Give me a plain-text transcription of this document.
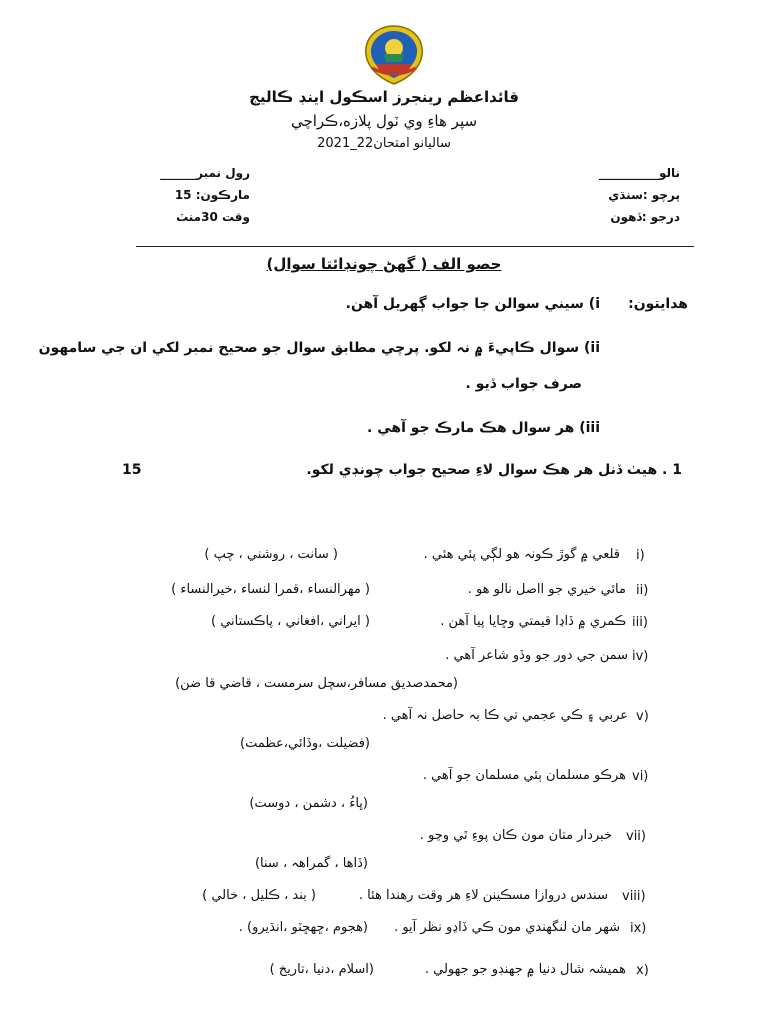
قائداعظم رينجرز اسڪول اينڊ ڪاليج
سپر هاءِ وي ٽول پلازه،ڪراچي
ساليانو امتحان22_2021
رول نمبر______
مارڪون: 15
وقت 30منٽ
نالو__________
پرچو :سنڌي
درجو :ڏهون
حصو الف ( گهڻ چونڊائتا سوال)
هدايتون:
i) سيني سوالن جا جواب ڳهريل آهن.
ii) سوال ڪاپيءَ ۾ نہ لکو. پرچي مطابق سوال جو صحيح نمبر لکي ان جي سامهون
صرف جواب ڏيو .
iii) هر سوال هڪ مارڪ جو آهي .
1 . هيٺ ڏنل هر هڪ سوال لاءِ صحيح جواب چونڊي لکو.
15
قلعي ۾ گوڙ ڪونہ هو لڳي پئي هئي .
( سانت ، روشني ، چپ )	i)
مائي خيري جو ااصل نالو هو .
( مهرالنساء ،قمرا لنساء ،خيرالنساء )	ii)
ڪمري ۾ ڏاڍا قيمتي وڇايا پيا آهن .
( ايراني ،افغاني ، پاڪستاني )	iii)
سمن جي دور جو وڏو شاعر آهي . iv)
(محمدصديق مسافر،سچل سرمست ، قاضي قا ضن)
عربي ۽ ڪي عجمي تي ڪا بہ حاصل نہ آهي . v)
(فضيلت ،وڏائي،عظمت)
هرڪو مسلمان ٻئي مسلمان جو آهي . vi)
(ڀاءُ ، دشمن ، دوست)
خبردار متان مون ڪان پوءِ ٿي وڃو . vii)
(ڏاها ، گمراهہ ، سنا)
سندس دروازا مسڪينن لاءِ هر وقت رهندا هئا .
( بند ، ڪليل ، خالي )	viii)
شهر مان لنگهندي مون ڪي ڏاڍو نظر آيو .
(هجوم ،ڇهڇٽو ،انڌيرو) .	ix)
هميشہ شال دنيا ۾ جهنڊو جو جهولي .
(اسلام ،دنيا ،تاريخ )	x)
